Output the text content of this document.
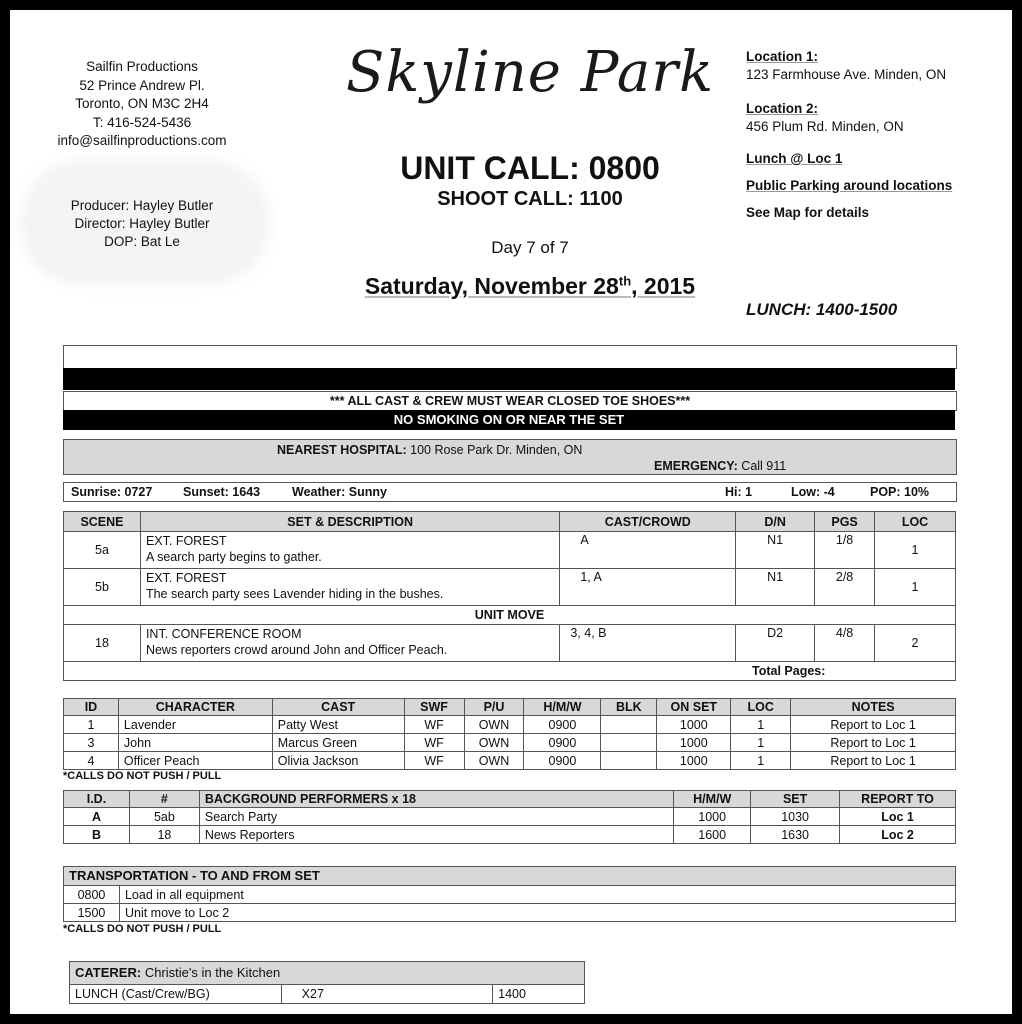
Sailfin Productions
52 Prince Andrew Pl.
Toronto, ON M3C 2H4
T: 416-524-5436
info@sailfinproductions.com
Producer: Hayley Butler
Director: Hayley Butler
DOP: Bat Le
Skyline Park
UNIT CALL: 0800
SHOOT CALL: 1100
Day 7 of 7
Saturday, November 28th, 2015
Location 1:
123 Farmhouse Ave. Minden, ON
Location 2:
456 Plum Rd. Minden, ON
Lunch @ Loc 1
Public Parking around locations
See Map for details
LUNCH: 1400-1500
*** ALL CAST & CREW MUST WEAR CLOSED TOE SHOES***
NO SMOKING ON OR NEAR THE SET
NEAREST HOSPITAL: 100 Rose Park Dr. Minden, ON
EMERGENCY: Call 911
Sunrise: 0727 Sunset: 1643	Weather: Sunny	Hi: 1	Low: -4	POP: 10%
SCENE	SET & DESCRIPTION	CAST/CROWD	D/N	PGS	LOC
5a	EXT. FOREST
A search party begins to gather.	A	N1	1/8	1
5b	EXT. FOREST
The search party sees Lavender hiding in the bushes.	1, A	N1	2/8	1
UNIT MOVE					
18	INT. CONFERENCE ROOM
News reporters crowd around John and Officer Peach.	3, 4, B	D2	4/8	2
Total Pages:					
ID	CHARACTER	CAST	SWF	P/U	H/M/W	BLK	ON SET	LOC	NOTES
1	Lavender	Patty West	WF	OWN	0900		1000	1	Report to Loc 1
3	John	Marcus Green	WF	OWN	0900		1000	1	Report to Loc 1
4	Officer Peach	Olivia Jackson	WF	OWN	0900		1000	1	Report to Loc 1
*CALLS DO NOT PUSH / PULL
I.D.	#	BACKGROUND PERFORMERS x 18	H/M/W	SET	REPORT TO
A	5ab	Search Party	1000	1030	Loc 1
B	18	News Reporters	1600	1630	Loc 2
TRANSPORTATION - TO AND FROM SET	
0800	Load in all equipment
1500	Unit move to Loc 2
*CALLS DO NOT PUSH / PULL
CATERER: Christie's in the Kitchen
LUNCH (Cast/Crew/BG)	X27	1400
